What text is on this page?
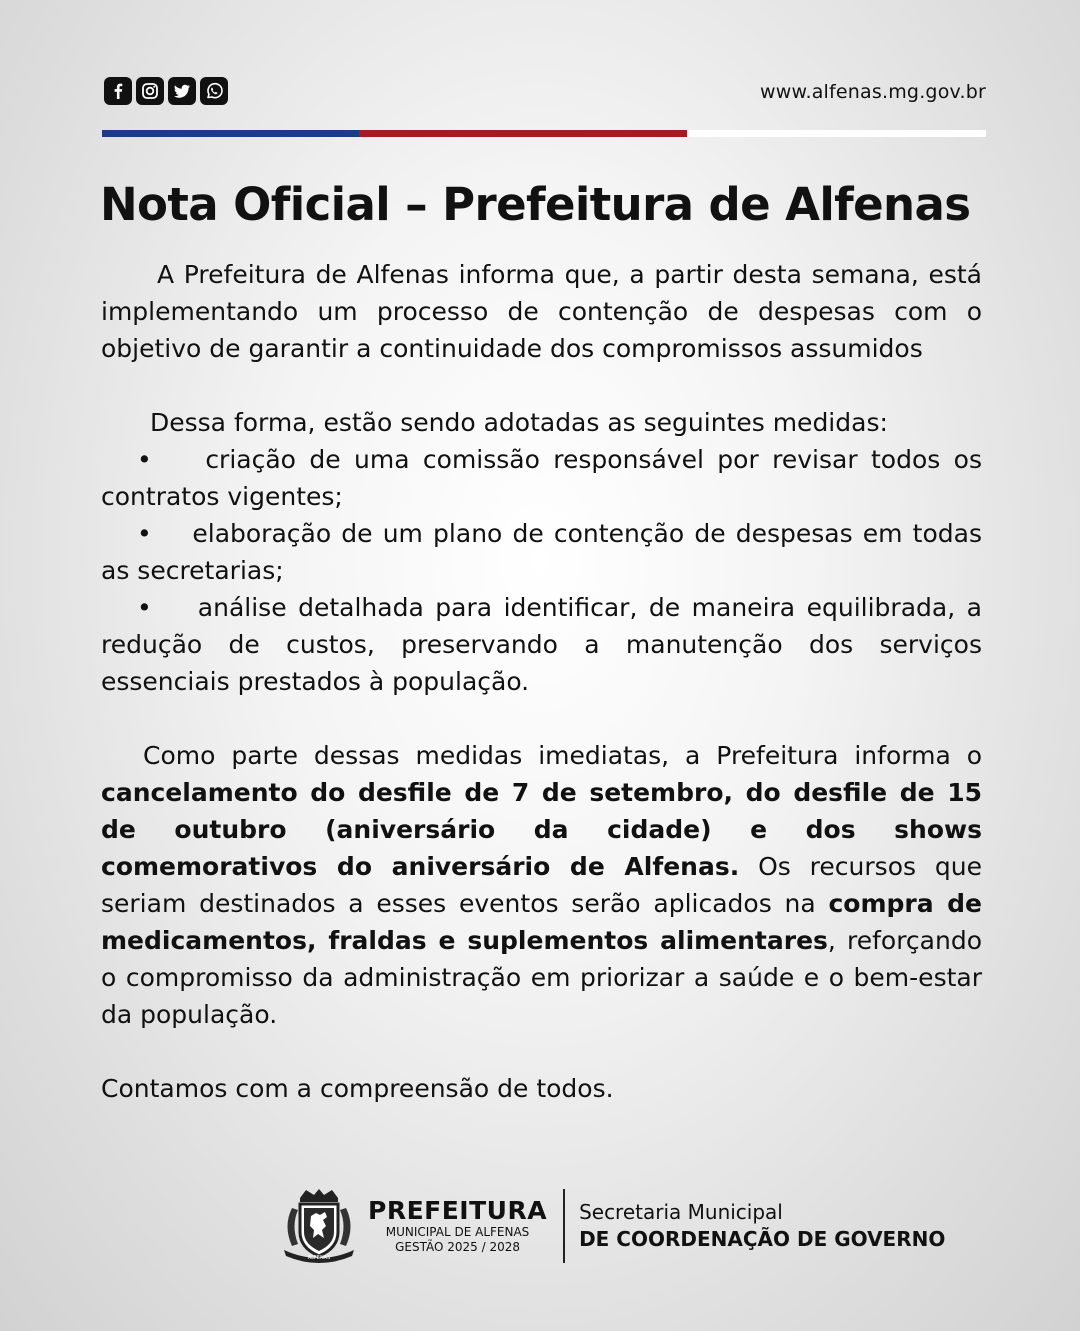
www.alfenas.mg.gov.br
Nota Oficial – Prefeitura de Alfenas

A Prefeitura de Alfenas informa que, a partir desta semana, está implementando um processo de contenção de despesas com o objetivo de garantir a continuidade dos compromissos assumidos

Dessa forma, estão sendo adotadas as seguintes medidas:

•    criação de uma comissão responsável por revisar todos os contratos vigentes;

•    elaboração de um plano de contenção de despesas em todas as secretarias;

•    análise detalhada para identificar, de maneira equilibrada, a redução de custos, preservando a manutenção dos serviços essenciais prestados à população.

Como parte dessas medidas imediatas, a Prefeitura informa o cancelamento do desfile de 7 de setembro, do desfile de 15 de outubro (aniversário da cidade) e dos shows comemorativos do aniversário de Alfenas. Os recursos que seriam destinados a esses eventos serão aplicados na compra de medicamentos, fraldas e suplementos alimentares, reforçando o compromisso da administração em priorizar a saúde e o bem-estar da população.

Contamos com a compreensão de todos.

ALFENAS
PREFEITURA
MUNICIPAL DE ALFENAS
GESTÃO 2025 / 2028
Secretaria Municipal
DE COORDENAÇÃO DE GOVERNO
